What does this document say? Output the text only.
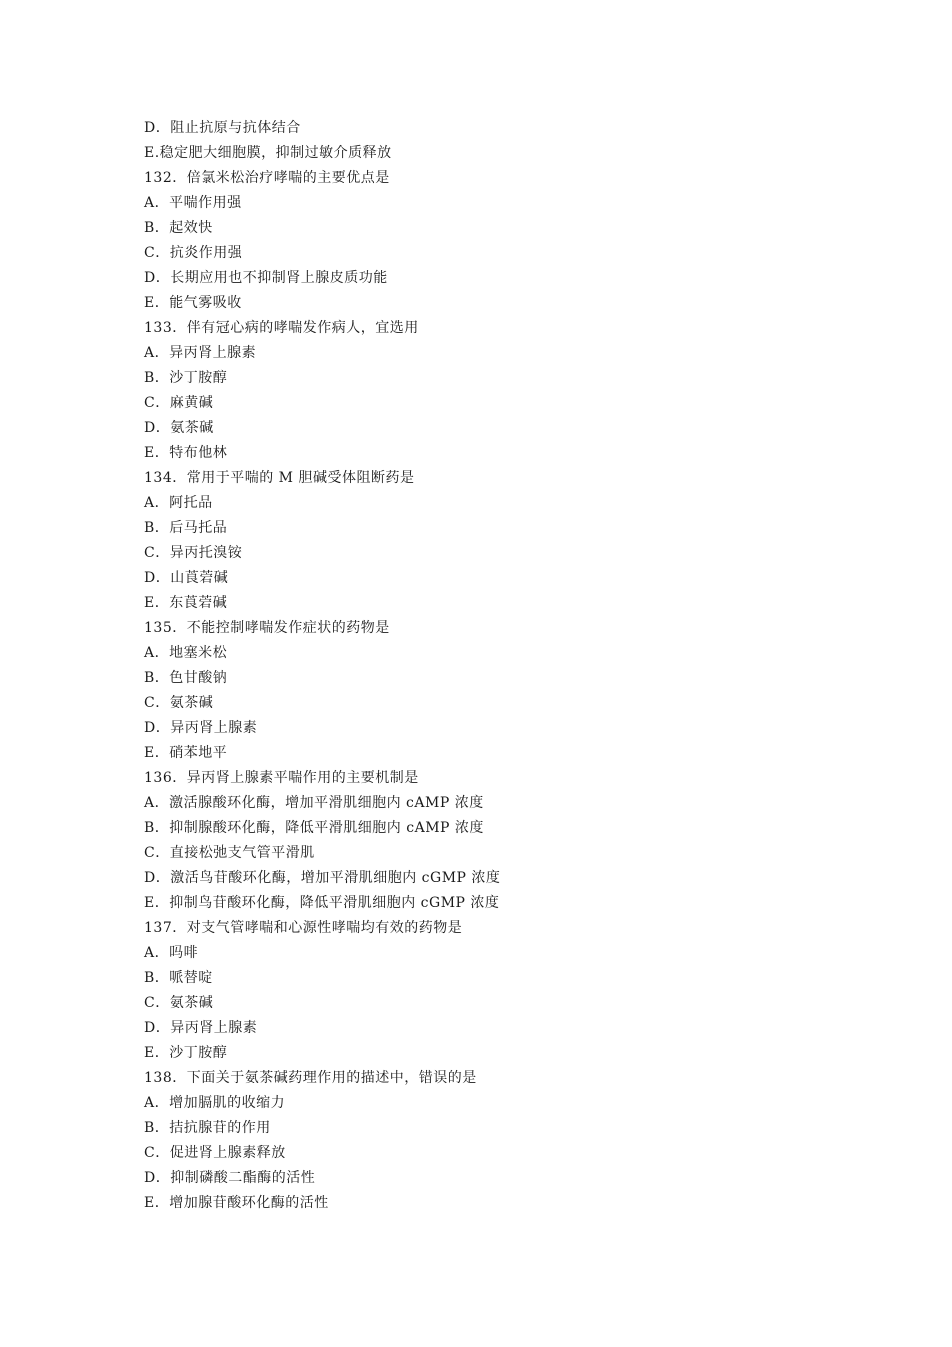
D．阻止抗原与抗体结合
E.稳定肥大细胞膜，抑制过敏介质释放
132．倍氯米松治疗哮喘的主要优点是
A．平喘作用强
B．起效快
C．抗炎作用强
D．长期应用也不抑制肾上腺皮质功能
E．能气雾吸收
133．伴有冠心病的哮喘发作病人，宜选用
A．异丙肾上腺素
B．沙丁胺醇
C．麻黄碱
D．氨茶碱
E．特布他林
134．常用于平喘的 M 胆碱受体阻断药是
A．阿托品
B．后马托品
C．异丙托溴铵
D．山莨菪碱
E．东莨菪碱
135．不能控制哮喘发作症状的药物是
A．地塞米松
B．色甘酸钠
C．氨茶碱
D．异丙肾上腺素
E．硝苯地平
136．异丙肾上腺素平喘作用的主要机制是
A．激活腺酸环化酶，增加平滑肌细胞内 cAMP 浓度
B．抑制腺酸环化酶，降低平滑肌细胞内 cAMP 浓度
C．直接松弛支气管平滑肌
D．激活鸟苷酸环化酶，增加平滑肌细胞内 cGMP 浓度
E．抑制鸟苷酸环化酶，降低平滑肌细胞内 cGMP 浓度
137．对支气管哮喘和心源性哮喘均有效的药物是
A．吗啡
B．哌替啶
C．氨茶碱
D．异丙肾上腺素
E．沙丁胺醇
138．下面关于氨茶碱药理作用的描述中，错误的是
A．增加膈肌的收缩力
B．拮抗腺苷的作用
C．促进肾上腺素释放
D．抑制磷酸二酯酶的活性
E．增加腺苷酸环化酶的活性
